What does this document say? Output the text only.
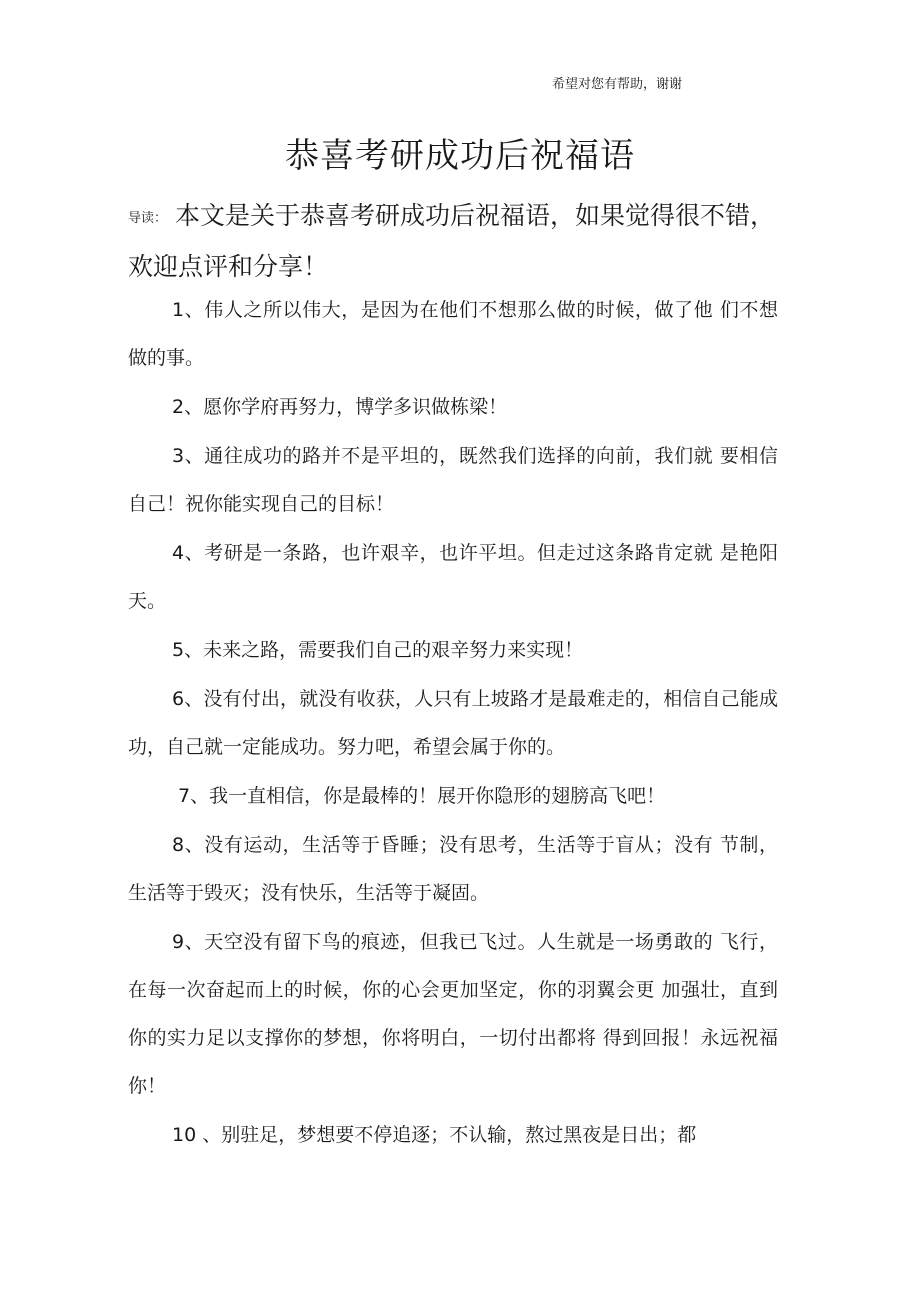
希望对您有帮助，谢谢
恭喜考研成功后祝福语

导读： 本文是关于恭喜考研成功后祝福语，如果觉得很不错， 欢迎点评和分享！

1、伟人之所以伟大，是因为在他们不想那么做的时候，做了他 们不想做的事。
2、愿你学府再努力，博学多识做栋梁！
3、通往成功的路并不是平坦的，既然我们选择的向前，我们就 要相信自己！祝你能实现自己的目标！
4、考研是一条路，也许艰辛，也许平坦。但走过这条路肯定就 是艳阳天。
5、未来之路，需要我们自己的艰辛努力来实现！
6、没有付出，就没有收获，人只有上坡路才是最难走的，相信自己能成功，自己就一定能成功。努力吧，希望会属于你的。
7、我一直相信，你是最棒的！展开你隐形的翅膀高飞吧！
8、没有运动，生活等于昏睡；没有思考，生活等于盲从；没有 节制，生活等于毁灭；没有快乐，生活等于凝固。
9、天空没有留下鸟的痕迹，但我已飞过。人生就是一场勇敢的 飞行，在每一次奋起而上的时候，你的心会更加坚定，你的羽翼会更 加强壮，直到你的实力足以支撑你的梦想，你将明白，一切付出都将 得到回报！永远祝福你！
10 、别驻足，梦想要不停追逐；不认输，熬过黑夜是日出；都
